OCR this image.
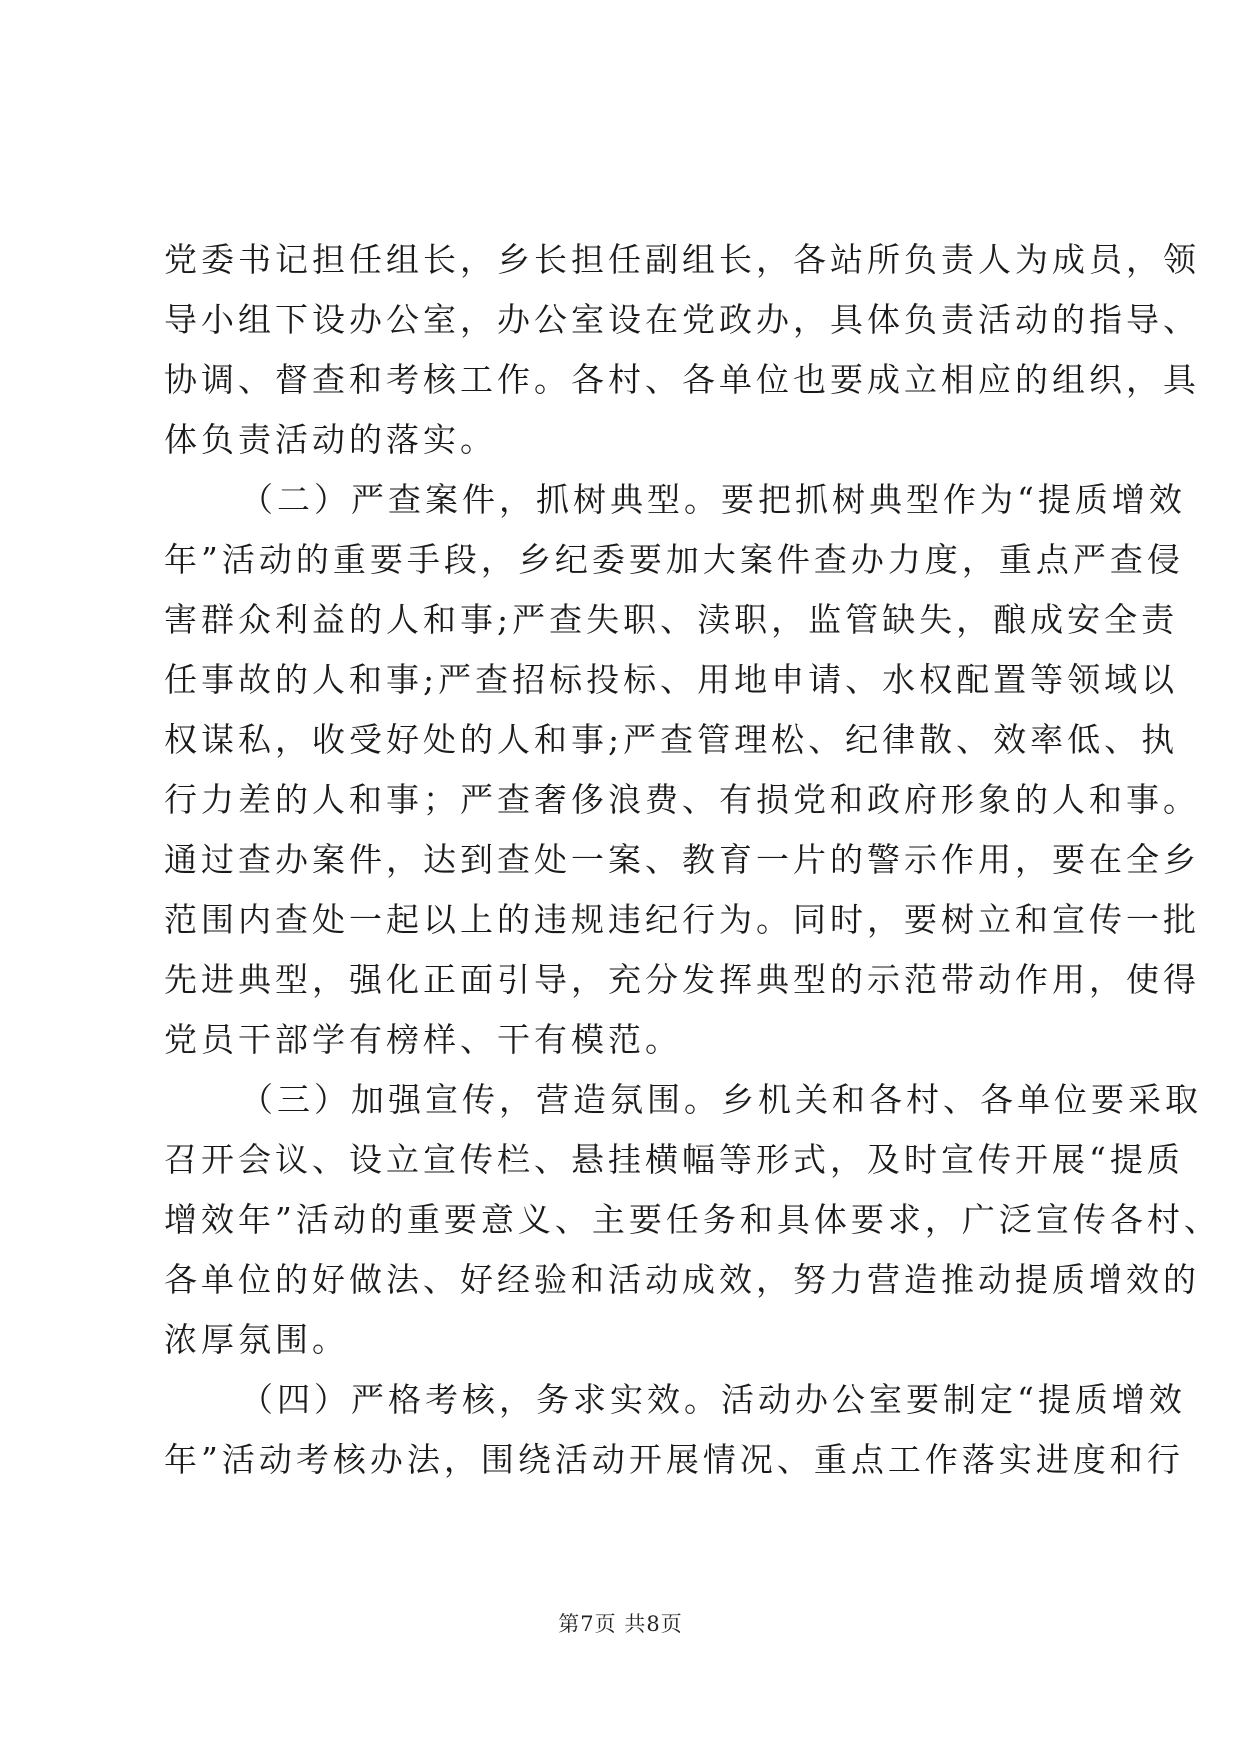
党委书记担任组长，乡长担任副组长，各站所负责人为成员，领
导小组下设办公室，办公室设在党政办，具体负责活动的指导、
协调、督查和考核工作。各村、各单位也要成立相应的组织，具
体负责活动的落实。
（二）严查案件，抓树典型。要把抓树典型作为“提质增效
年”活动的重要手段，乡纪委要加大案件查办力度，重点严查侵
害群众利益的人和事;严查失职、渎职，监管缺失，酿成安全责
任事故的人和事;严查招标投标、用地申请、水权配置等领域以
权谋私，收受好处的人和事;严查管理松、纪律散、效率低、执
行力差的人和事；严查奢侈浪费、有损党和政府形象的人和事。
通过查办案件，达到查处一案、教育一片的警示作用，要在全乡
范围内查处一起以上的违规违纪行为。同时，要树立和宣传一批
先进典型，强化正面引导，充分发挥典型的示范带动作用，使得
党员干部学有榜样、干有模范。
（三）加强宣传，营造氛围。乡机关和各村、各单位要采取
召开会议、设立宣传栏、悬挂横幅等形式，及时宣传开展“提质
增效年”活动的重要意义、主要任务和具体要求，广泛宣传各村、
各单位的好做法、好经验和活动成效，努力营造推动提质增效的
浓厚氛围。
（四）严格考核，务求实效。活动办公室要制定“提质增效
年”活动考核办法，围绕活动开展情况、重点工作落实进度和行
第7页 共8页
